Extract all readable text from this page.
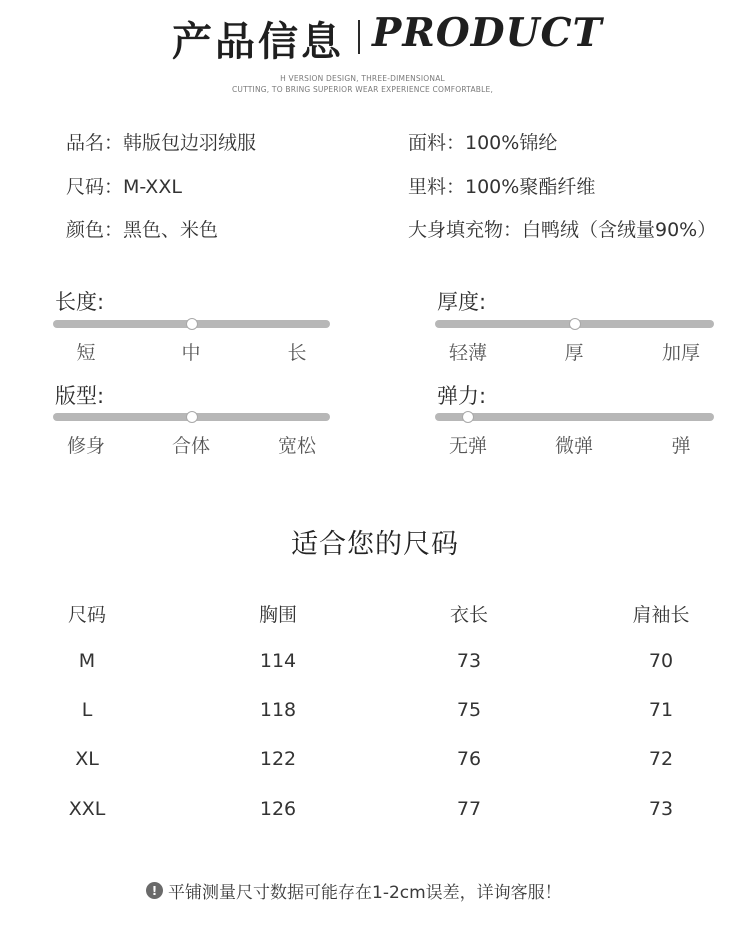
产品信息 PRODUCT
H VERSION DESIGN, THREE-DIMENSIONAL
CUTTING, TO BRING SUPERIOR WEAR EXPERIENCE COMFORTABLE,
品名：韩版包边羽绒服	面料：100%锦纶
尺码：M-XXL	里料：100%聚酯纤维
颜色：黑色、米色	大身填充物：白鸭绒（含绒量90%）
长度:
短	中	长
厚度:
轻薄	厚	加厚
版型:
修身	合体	宽松
弹力:
无弹	微弹	弹
适合您的尺码
尺码	胸围	衣长	肩袖长
M	114	73	70
L	118	75	71
XL	122	76	72
XXL	126	77	73
! 平铺测量尺寸数据可能存在1-2cm误差，详询客服！
